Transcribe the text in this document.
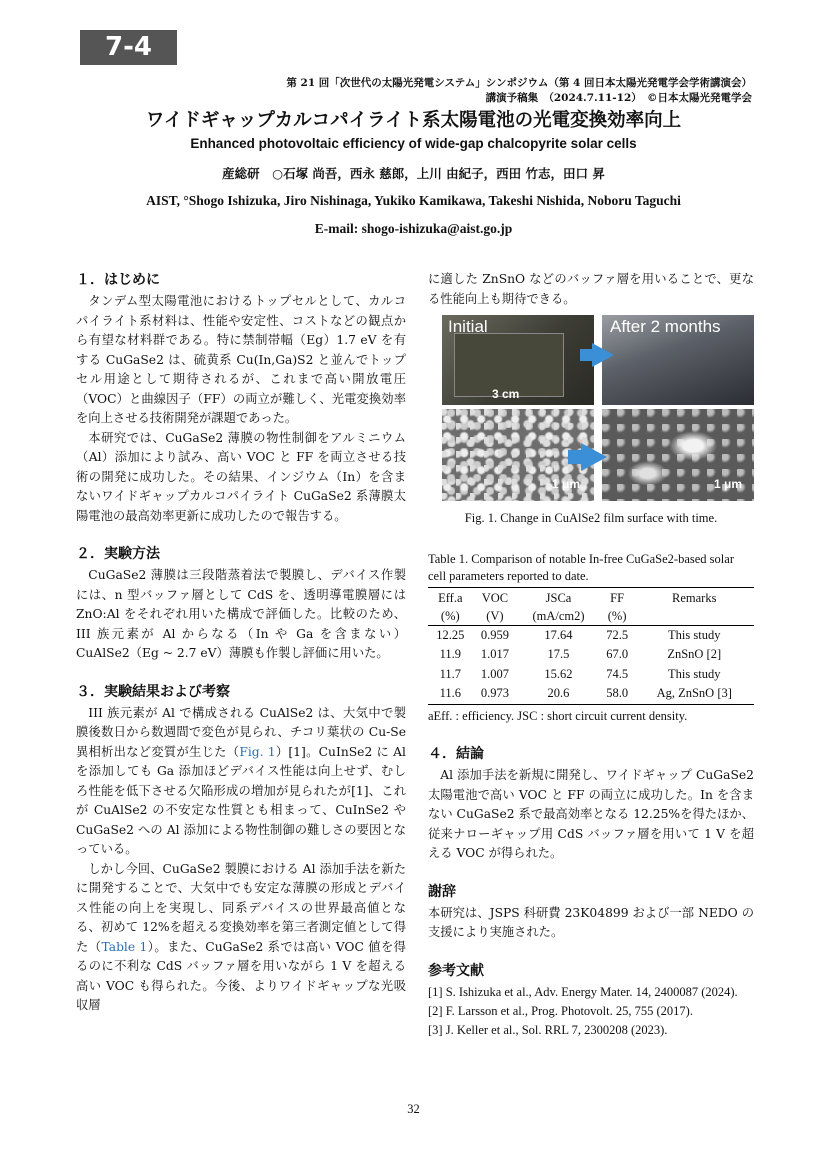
7-4
第 21 回「次世代の太陽光発電システム」シンポジウム（第 4 回日本太陽光発電学会学術講演会）
講演予稿集　（2024.7.11-12）　©日本太陽光発電学会
ワイドギャップカルコパイライト系太陽電池の光電変換効率向上
Enhanced photovoltaic efficiency of wide-gap chalcopyrite solar cells
産総研　○石塚 尚吾，西永 慈郎，上川 由紀子，西田 竹志，田口 昇
AIST, °Shogo Ishizuka, Jiro Nishinaga, Yukiko Kamikawa, Takeshi Nishida, Noboru Taguchi
E-mail: shogo-ishizuka@aist.go.jp
１．はじめに
タンデム型太陽電池におけるトップセルとして、カルコパイライト系材料は、性能や安定性、コストなどの観点から有望な材料群である。特に禁制帯幅（Eg）1.7 eV を有する CuGaSe2 は、硫黄系 Cu(In,Ga)S2 と並んでトップセル用途として期待されるが、これまで高い開放電圧（VOC）と曲線因子（FF）の両立が難しく、光電変換効率を向上させる技術開発が課題であった。
本研究では、CuGaSe2 薄膜の物性制御をアルミニウム（Al）添加により試み、高い VOC と FF を両立させる技術の開発に成功した。その結果、インジウム（In）を含まないワイドギャップカルコパイライト CuGaSe2 系薄膜太陽電池の最高効率更新に成功したので報告する。
２．実験方法
CuGaSe2 薄膜は三段階蒸着法で製膜し、デバイス作製には、n 型バッファ層として CdS を、透明導電膜層には ZnO:Al をそれぞれ用いた構成で評価した。比較のため、III 族元素が Al からなる（In や Ga を含まない）CuAlSe2（Eg ~ 2.7 eV）薄膜も作製し評価に用いた。
３．実験結果および考察
III 族元素が Al で構成される CuAlSe2 は、大気中で製膜後数日から数週間で変色が見られ、チコリ葉状の Cu-Se 異相析出など変質が生じた（Fig. 1）[1]。CuInSe2 に Al を添加しても Ga 添加ほどデバイス性能は向上せず、むしろ性能を低下させる欠陥形成の増加が見られたが[1]、これが CuAlSe2 の不安定な性質とも相まって、CuInSe2 や CuGaSe2 への Al 添加による物性制御の難しさの要因となっている。
しかし今回、CuGaSe2 製膜における Al 添加手法を新たに開発することで、大気中でも安定な薄膜の形成とデバイス性能の向上を実現し、同系デバイスの世界最高値となる、初めて 12%を超える変換効率を第三者測定値として得た（Table 1）。また、CuGaSe2 系では高い VOC 値を得るのに不利な CdS バッファ層を用いながら 1 V を超える高い VOC も得られた。今後、よりワイドギャップな光吸収層
に適した ZnSnO などのバッファ層を用いることで、更なる性能向上も期待できる。
Initial
3 cm
After 2 months
1 μm	1 μm
Fig. 1. Change in CuAlSe2 film surface with time.
Table 1. Comparison of notable In-free CuGaSe2-based solar cell parameters reported to date.
Eff.a	VOC	JSCa	FF	Remarks
(%)	(V)	(mA/cm2)	(%)	
12.25	0.959	17.64	72.5	This study
11.9	1.017	17.5	67.0	ZnSnO [2]
11.7	1.007	15.62	74.5	This study
11.6	0.973	20.6	58.0	Ag, ZnSnO [3]
aEff. : efficiency. JSC : short circuit current density.
４．結論
Al 添加手法を新規に開発し、ワイドギャップ CuGaSe2 太陽電池で高い VOC と FF の両立に成功した。In を含まない CuGaSe2 系で最高効率となる 12.25%を得たほか、従来ナローギャップ用 CdS バッファ層を用いて 1 V を超える VOC が得られた。
謝辞
本研究は、JSPS 科研費 23K04899 および一部 NEDO の支援により実施された。
参考文献
[1] S. Ishizuka et al., Adv. Energy Mater. 14, 2400087 (2024).
[2] F. Larsson et al., Prog. Photovolt. 25, 755 (2017).
[3] J. Keller et al., Sol. RRL 7, 2300208 (2023).
32
